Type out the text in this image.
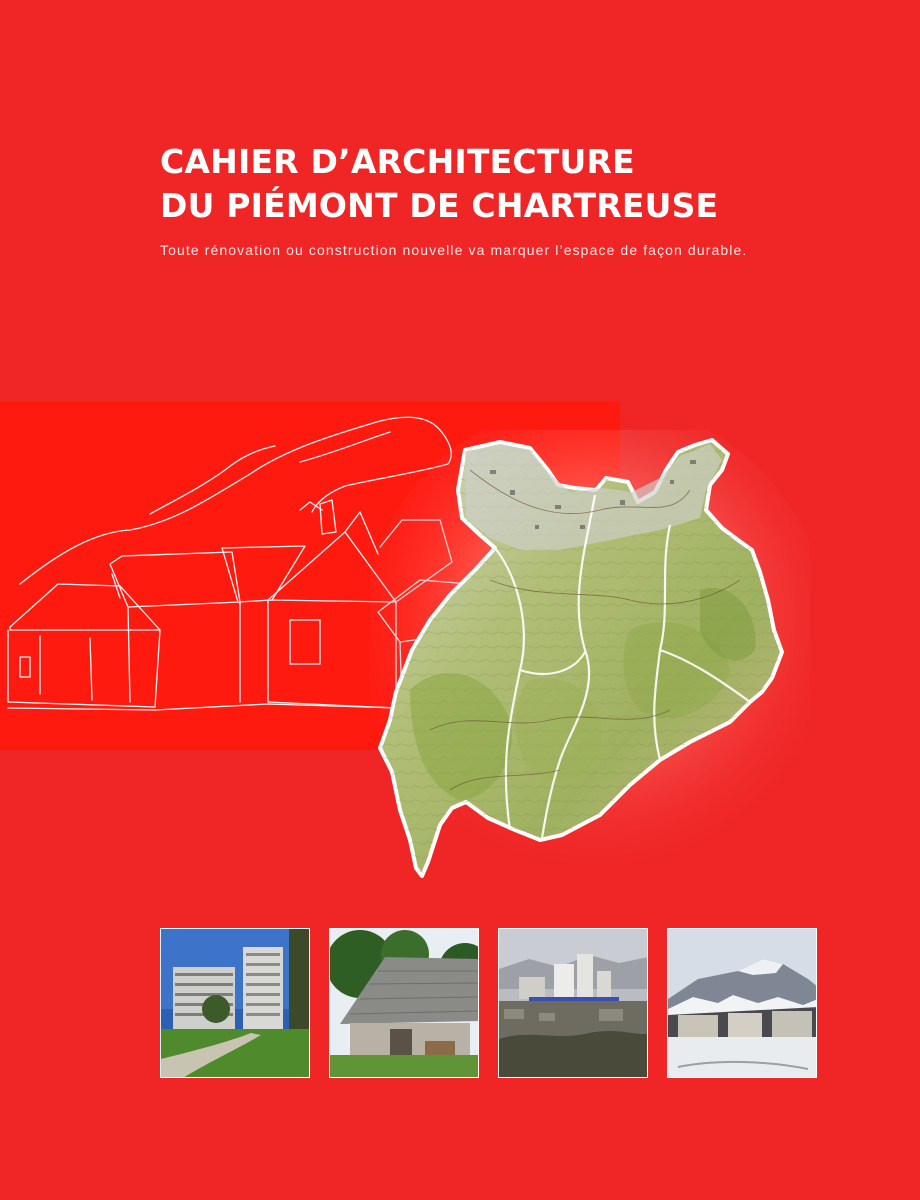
CAHIER D’ARCHITECTURE
DU PIÉMONT DE CHARTREUSE

Toute rénovation ou construction nouvelle va marquer l’espace de façon durable.
